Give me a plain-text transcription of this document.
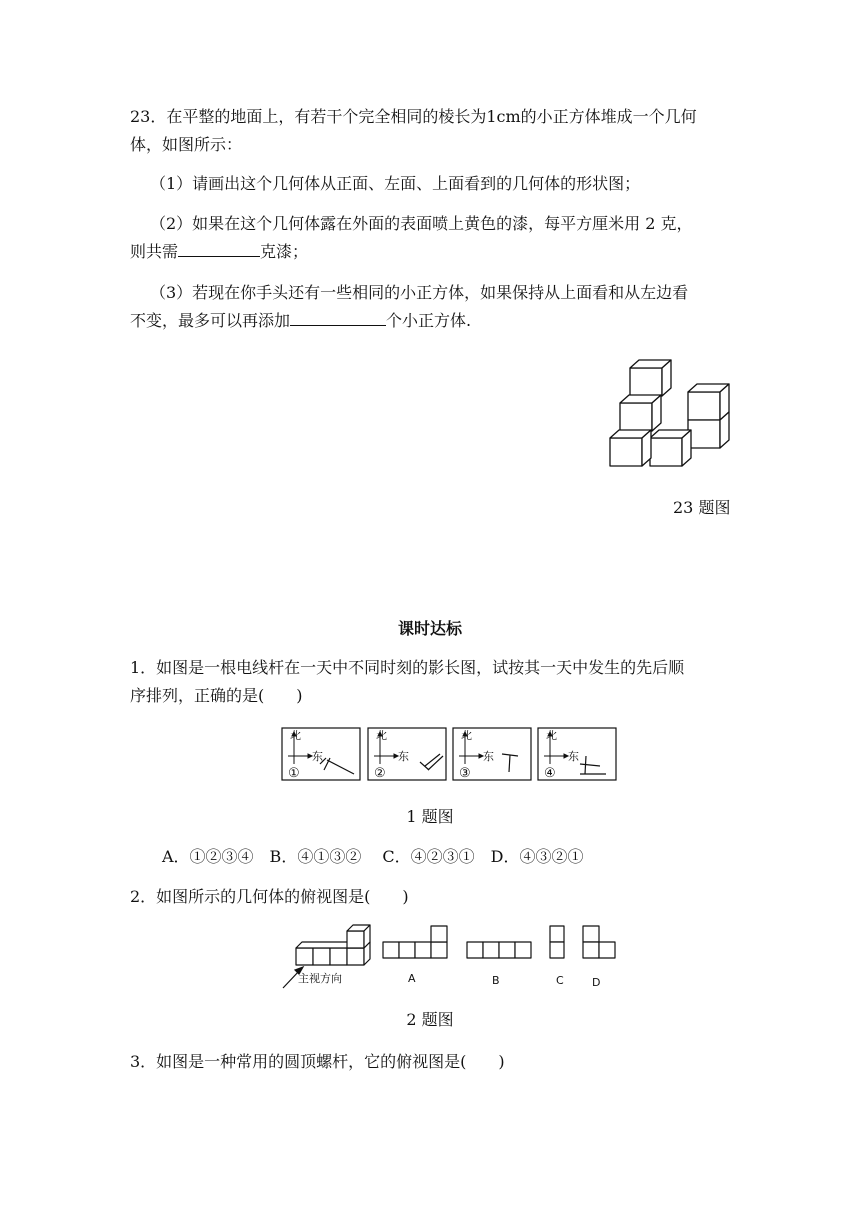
23．在平整的地面上，有若干个完全相同的棱长为1cm的小正方体堆成一个几何
体，如图所示：
（1）请画出这个几何体从正面、左面、上面看到的几何体的形状图；
（2）如果在这个几何体露在外面的表面喷上黄色的漆，每平方厘米用 2 克，
则共需	克漆；
（3）若现在你手头还有一些相同的小正方体，如果保持从上面看和从左边看
不变，最多可以再添加	个小正方体.
23 题图
课时达标
1．如图是一根电线杆在一天中不同时刻的影长图，试按其一天中发生的先后顺
序排列，正确的是(　　)
北
东
北
东
北
东
北
东
①	②	③	④
1 题图
A．①②③④　B．④①③②　 C．④②③①　D．④③②①
2．如图所示的几何体的俯视图是(　　)
主视方向	A	B	C	D
2 题图
3．如图是一种常用的圆顶螺杆，它的俯视图是(　　)
